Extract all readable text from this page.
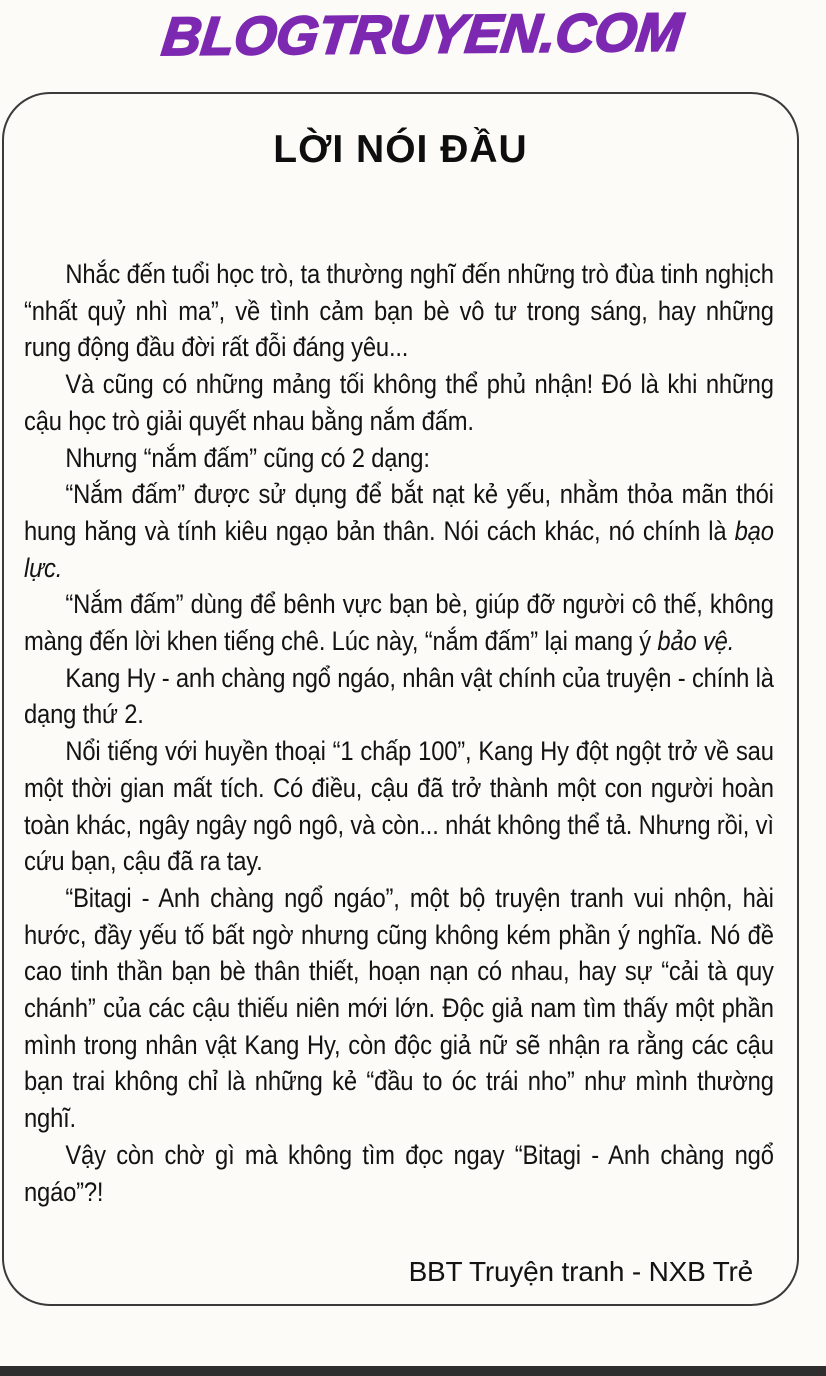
BLOGTRUYEN.COM
LỜI NÓI ĐẦU

Nhắc đến tuổi học trò, ta thường nghĩ đến những trò đùa tinh nghịch “nhất quỷ nhì ma”, về tình cảm bạn bè vô tư trong sáng, hay những rung động đầu đời rất đỗi đáng yêu...

Và cũng có những mảng tối không thể phủ nhận! Đó là khi những cậu học trò giải quyết nhau bằng nắm đấm.

Nhưng “nắm đấm” cũng có 2 dạng:

“Nắm đấm” được sử dụng để bắt nạt kẻ yếu, nhằm thỏa mãn thói hung hăng và tính kiêu ngạo bản thân. Nói cách khác, nó chính là bạo lực.

“Nắm đấm” dùng để bênh vực bạn bè, giúp đỡ người cô thế, không màng đến lời khen tiếng chê. Lúc này, “nắm đấm” lại mang ý bảo vệ.

Kang Hy - anh chàng ngổ ngáo, nhân vật chính của truyện - chính là dạng thứ 2.

Nổi tiếng với huyền thoại “1 chấp 100”, Kang Hy đột ngột trở về sau một thời gian mất tích. Có điều, cậu đã trở thành một con người hoàn toàn khác, ngây ngây ngô ngô, và còn... nhát không thể tả. Nhưng rồi, vì cứu bạn, cậu đã ra tay.

“Bitagi - Anh chàng ngổ ngáo”, một bộ truyện tranh vui nhộn, hài hước, đầy yếu tố bất ngờ nhưng cũng không kém phần ý nghĩa. Nó đề cao tinh thần bạn bè thân thiết, hoạn nạn có nhau, hay sự “cải tà quy chánh” của các cậu thiếu niên mới lớn. Độc giả nam tìm thấy một phần mình trong nhân vật Kang Hy, còn độc giả nữ sẽ nhận ra rằng các cậu bạn trai không chỉ là những kẻ “đầu to óc trái nho” như mình thường nghĩ.

Vậy còn chờ gì mà không tìm đọc ngay “Bitagi - Anh chàng ngổ ngáo”?!

BBT Truyện tranh - NXB Trẻ
